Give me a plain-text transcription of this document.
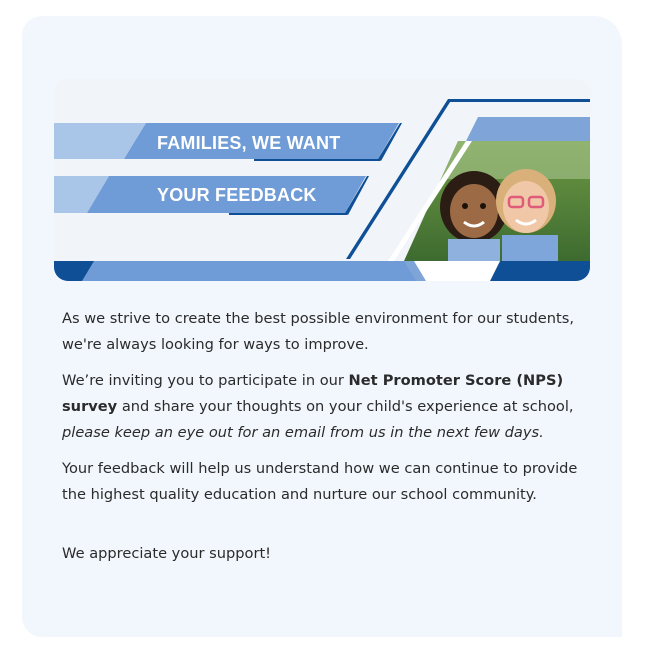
FAMILIES, WE WANT
YOUR FEEDBACK

As we strive to create the best possible environment for our students, we're always looking for ways to improve.

We’re inviting you to participate in our Net Promoter Score (NPS) survey and share your thoughts on your child's experience at school, please keep an eye out for an email from us in the next few days.

Your feedback will help us understand how we can continue to provide the highest quality education and nurture our school community.

We appreciate your support!
